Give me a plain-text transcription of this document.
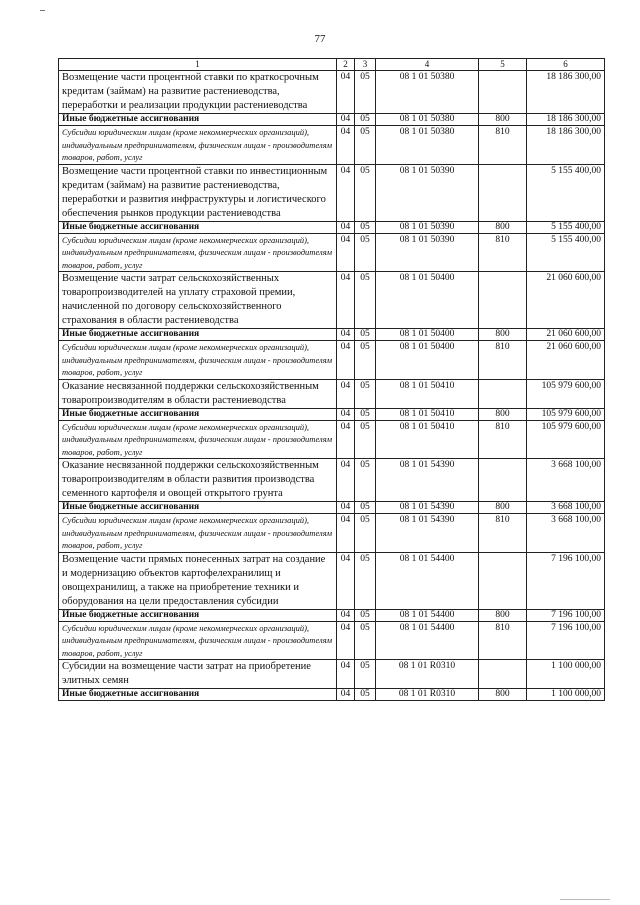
77
1	2	3	4	5	6
Возмещение части процентной ставки по краткосрочным кредитам (займам) на развитие растениеводства, переработки и реализации продукции растениеводства	04	05	08 1 01 50380		18 186 300,00
Иные бюджетные ассигнования	04	05	08 1 01 50380	800	18 186 300,00
Субсидии юридическим лицам (кроме некоммерческих организаций), индивидуальным предпринимателям, физическим лицам - производителям товаров, работ, услуг	04	05	08 1 01 50380	810	18 186 300,00
Возмещение части процентной ставки по инвестиционным кредитам (займам) на развитие растениеводства, переработки и развития инфраструктуры и логистического обеспечения рынков продукции растениеводства	04	05	08 1 01 50390		5 155 400,00
Иные бюджетные ассигнования	04	05	08 1 01 50390	800	5 155 400,00
Субсидии юридическим лицам (кроме некоммерческих организаций), индивидуальным предпринимателям, физическим лицам - производителям товаров, работ, услуг	04	05	08 1 01 50390	810	5 155 400,00
Возмещение части затрат сельскохозяйственных товаропроизводителей на уплату страховой премии, начисленной по договору сельскохозяйственного страхования в области растениеводства	04	05	08 1 01 50400		21 060 600,00
Иные бюджетные ассигнования	04	05	08 1 01 50400	800	21 060 600,00
Субсидии юридическим лицам (кроме некоммерческих организаций), индивидуальным предпринимателям, физическим лицам - производителям товаров, работ, услуг	04	05	08 1 01 50400	810	21 060 600,00
Оказание несвязанной поддержки сельскохозяйственным товаропроизводителям в области растениеводства	04	05	08 1 01 50410		105 979 600,00
Иные бюджетные ассигнования	04	05	08 1 01 50410	800	105 979 600,00
Субсидии юридическим лицам (кроме некоммерческих организаций), индивидуальным предпринимателям, физическим лицам - производителям товаров, работ, услуг	04	05	08 1 01 50410	810	105 979 600,00
Оказание несвязанной поддержки сельскохозяйственным товаропроизводителям в области развития производства семенного картофеля и овощей открытого грунта	04	05	08 1 01 54390		3 668 100,00
Иные бюджетные ассигнования	04	05	08 1 01 54390	800	3 668 100,00
Субсидии юридическим лицам (кроме некоммерческих организаций), индивидуальным предпринимателям, физическим лицам - производителям товаров, работ, услуг	04	05	08 1 01 54390	810	3 668 100,00
Возмещение части прямых понесенных затрат на создание и модернизацию объектов картофелехранилищ и овощехранилищ, а также на приобретение техники и оборудования на цели предоставления субсидии	04	05	08 1 01 54400		7 196 100,00
Иные бюджетные ассигнования	04	05	08 1 01 54400	800	7 196 100,00
Субсидии юридическим лицам (кроме некоммерческих организаций), индивидуальным предпринимателям, физическим лицам - производителям товаров, работ, услуг	04	05	08 1 01 54400	810	7 196 100,00
Субсидии на возмещение части затрат на приобретение элитных семян	04	05	08 1 01 R0310		1 100 000,00
Иные бюджетные ассигнования	04	05	08 1 01 R0310	800	1 100 000,00
